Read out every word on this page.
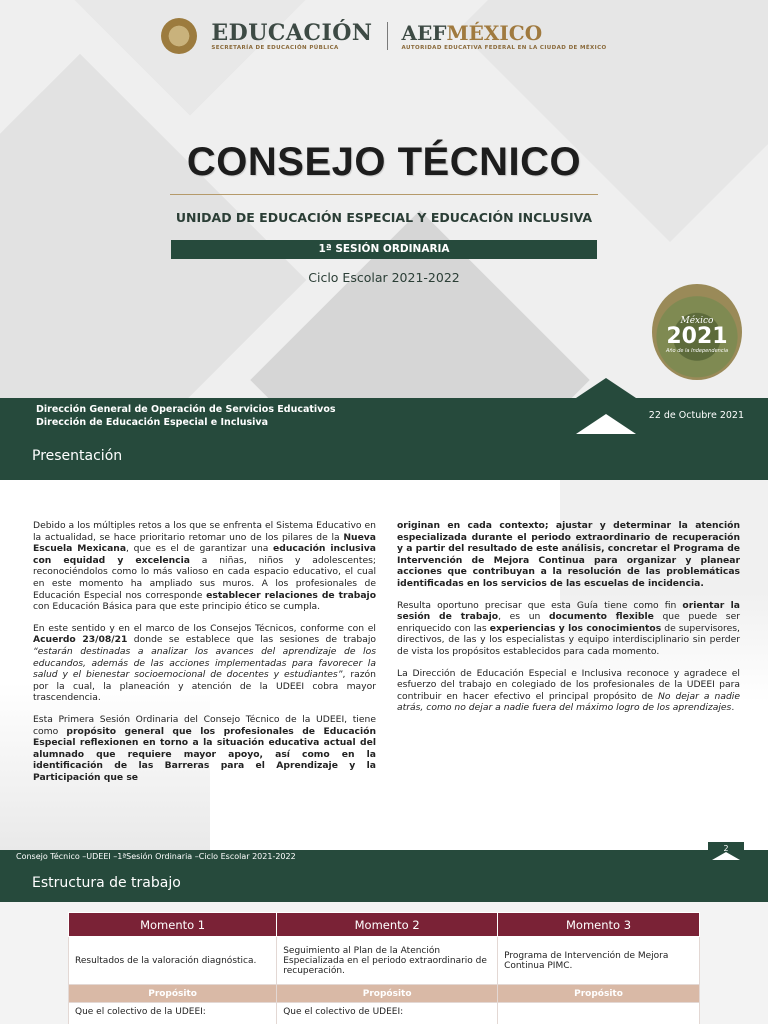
EDUCACIÓN
SECRETARÍA DE EDUCACIÓN PÚBLICA
AEFMÉXICO
AUTORIDAD EDUCATIVA FEDERAL EN LA CIUDAD DE MÉXICO
CONSEJO TÉCNICO
UNIDAD DE EDUCACIÓN ESPECIAL Y EDUCACIÓN INCLUSIVA
1ª SESIÓN ORDINARIA
Ciclo Escolar 2021-2022
México
2021
Año de la Independencia
Dirección General de Operación de Servicios Educativos
Dirección de Educación Especial e Inclusiva
22 de Octubre 2021
Presentación

Debido a los múltiples retos a los que se enfrenta el Sistema Educativo en la actualidad, se hace prioritario retomar uno de los pilares de la Nueva Escuela Mexicana, que es el de garantizar una educación inclusiva con equidad y excelencia a niñas, niños y adolescentes; reconociéndolos como lo más valioso en cada espacio educativo, el cual en este momento ha ampliado sus muros. A los profesionales de Educación Especial nos corresponde establecer relaciones de trabajo con Educación Básica para que este principio ético se cumpla.

En este sentido y en el marco de los Consejos Técnicos, conforme con el Acuerdo 23/08/21 donde se establece que las sesiones de trabajo “estarán destinadas a analizar los avances del aprendizaje de los educandos, además de las acciones implementadas para favorecer la salud y el bienestar socioemocional de docentes y estudiantes”, razón por la cual, la planeación y atención de la UDEEI cobra mayor trascendencia.

Esta Primera Sesión Ordinaria del Consejo Técnico de la UDEEI, tiene como propósito general que los profesionales de Educación Especial reflexionen en torno a la situación educativa actual del alumnado que requiere mayor apoyo, así como en la identificación de las Barreras para el Aprendizaje y la Participación que se

originan en cada contexto; ajustar y determinar la atención especializada durante el periodo extraordinario de recuperación y a partir del resultado de este análisis, concretar el Programa de Intervención de Mejora Continua para organizar y planear acciones que contribuyan a la resolución de las problemáticas identificadas en los servicios de las escuelas de incidencia.

Resulta oportuno precisar que esta Guía tiene como fin orientar la sesión de trabajo, es un documento flexible que puede ser enriquecido con las experiencias y los conocimientos de supervisores, directivos, de las y los especialistas y equipo interdisciplinario sin perder de vista los propósitos establecidos para cada momento.

La Dirección de Educación Especial e Inclusiva reconoce y agradece el esfuerzo del trabajo en colegiado de los profesionales de la UDEEI para contribuir en hacer efectivo el principal propósito de No dejar a nadie atrás, como no dejar a nadie fuera del máximo logro de los aprendizajes.

Consejo Técnico –UDEEI –1ªSesión Ordinaria –Ciclo Escolar 2021-2022
2
Estructura de trabajo
Momento 1	Momento 2	Momento 3
Resultados de la valoración diagnóstica.	Seguimiento al Plan de la Atención Especializada en el periodo extraordinario de recuperación.	Programa de Intervención de Mejora Continua PIMC.
Propósito	Propósito	Propósito
Que el colectivo de la UDEEI:	Que el colectivo de UDEEI:	
